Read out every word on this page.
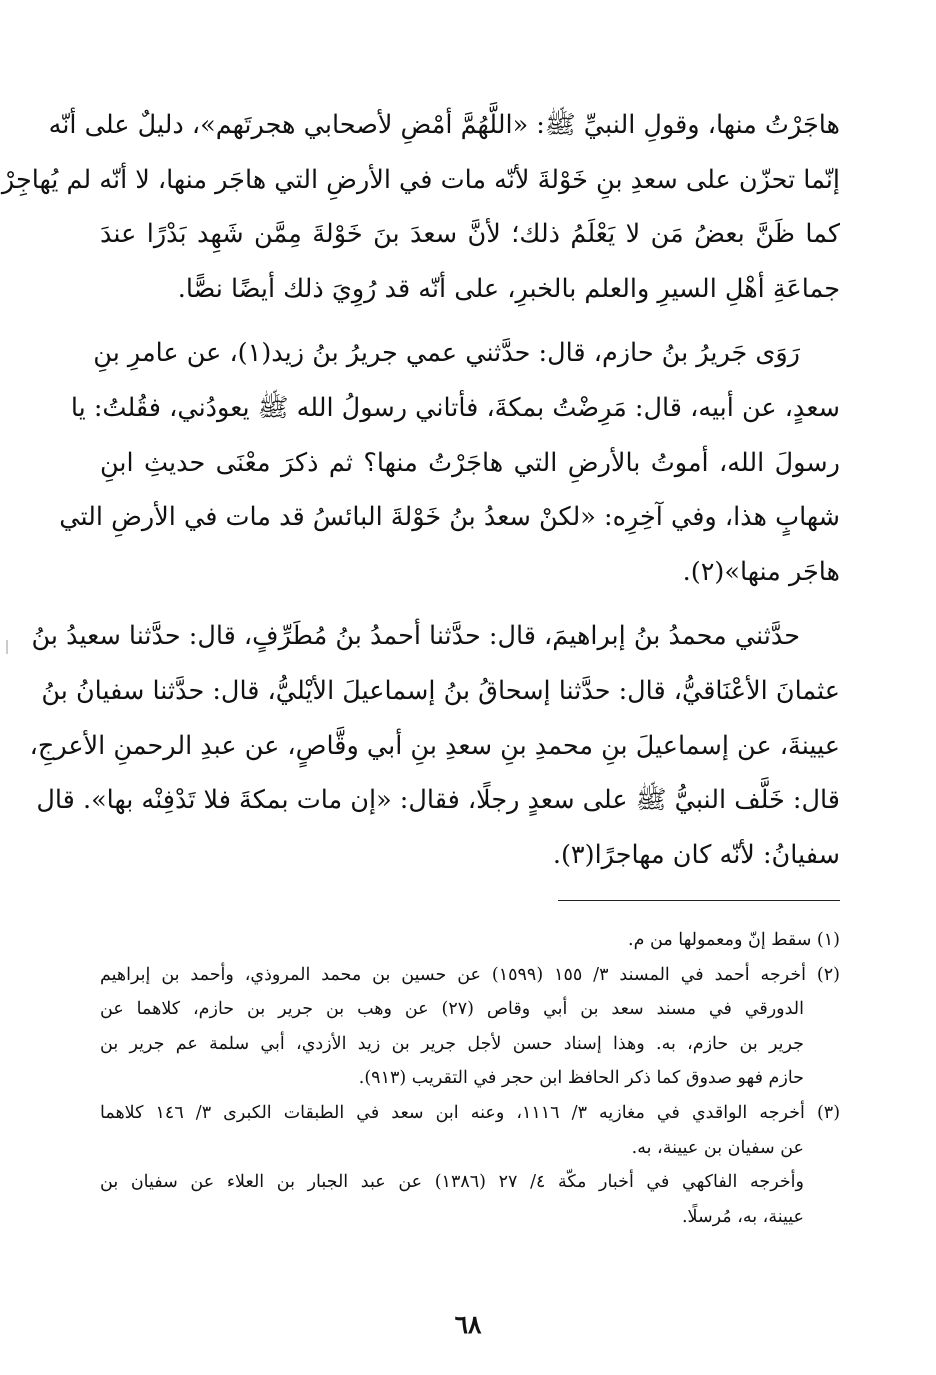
هاجَرْتُ منها، وقولِ النبيِّ ﷺ: «اللَّهُمَّ أمْضِ لأصحابي هجرتَهم»، دليلٌ على أنّه
إنّما تحزّن على سعدِ بنِ خَوْلةَ لأنّه مات في الأرضِ التي هاجَر منها، لا أنّه لم يُهاجِرْ
كما ظَنَّ بعضُ مَن لا يَعْلَمُ ذلك؛ لأنَّ سعدَ بنَ خَوْلةَ مِمَّن شَهِد بَدْرًا عندَ
جماعَةِ أهْلِ السيرِ والعلم بالخبرِ، على أنّه قد رُوِيَ ذلك أيضًا نصًّا.
رَوَى جَريرُ بنُ حازم، قال: حدَّثني عمي جريرُ بنُ زيد(١)، عن عامرِ بنِ
سعدٍ، عن أبيه، قال: مَرِضْتُ بمكةَ، فأتاني رسولُ الله ﷺ يعودُني، فقُلتُ: يا
رسولَ الله، أموتُ بالأرضِ التي هاجَرْتُ منها؟ ثم ذكرَ معْنَى حديثِ ابنِ
شهابٍ هذا، وفي آخِرِه: «لكنْ سعدُ بنُ خَوْلةَ البائسُ قد مات في الأرضِ التي
هاجَر منها»(٢).
حدَّثني محمدُ بنُ إبراهيمَ، قال: حدَّثنا أحمدُ بنُ مُطَرِّفٍ، قال: حدَّثنا سعيدُ بنُ
عثمانَ الأعْنَاقيُّ، قال: حدَّثنا إسحاقُ بنُ إسماعيلَ الأيْليُّ، قال: حدَّثنا سفيانُ بنُ
عيينةَ، عن إسماعيلَ بنِ محمدِ بنِ سعدِ بنِ أبي وقَّاصٍ، عن عبدِ الرحمنِ الأعرجِ،
قال: خَلَّف النبيُّ ﷺ على سعدٍ رجلًا، فقال: «إن مات بمكةَ فلا تَدْفِنْه بها». قال
سفيانُ: لأنّه كان مهاجرًا(٣).
(١) سقط إنّ ومعمولها من م.
(٢) أخرجه أحمد في المسند ٣/ ١٥٥ (١٥٩٩) عن حسين بن محمد المروذي، وأحمد بن إبراهيم
الدورقي في مسند سعد بن أبي وقاص (٢٧) عن وهب بن جرير بن حازم، كلاهما عن
جرير بن حازم، به. وهذا إسناد حسن لأجل جرير بن زيد الأزدي، أبي سلمة عم جرير بن
حازم فهو صدوق كما ذكر الحافظ ابن حجر في التقريب (٩١٣).
(٣) أخرجه الواقدي في مغازيه ٣/ ١١١٦، وعنه ابن سعد في الطبقات الكبرى ٣/ ١٤٦ كلاهما
عن سفيان بن عيينة، به.
وأخرجه الفاكهي في أخبار مكّة ٤/ ٢٧ (١٣٨٦) عن عبد الجبار بن العلاء عن سفيان بن
عيينة، به، مُرسلًا.
٦٨
